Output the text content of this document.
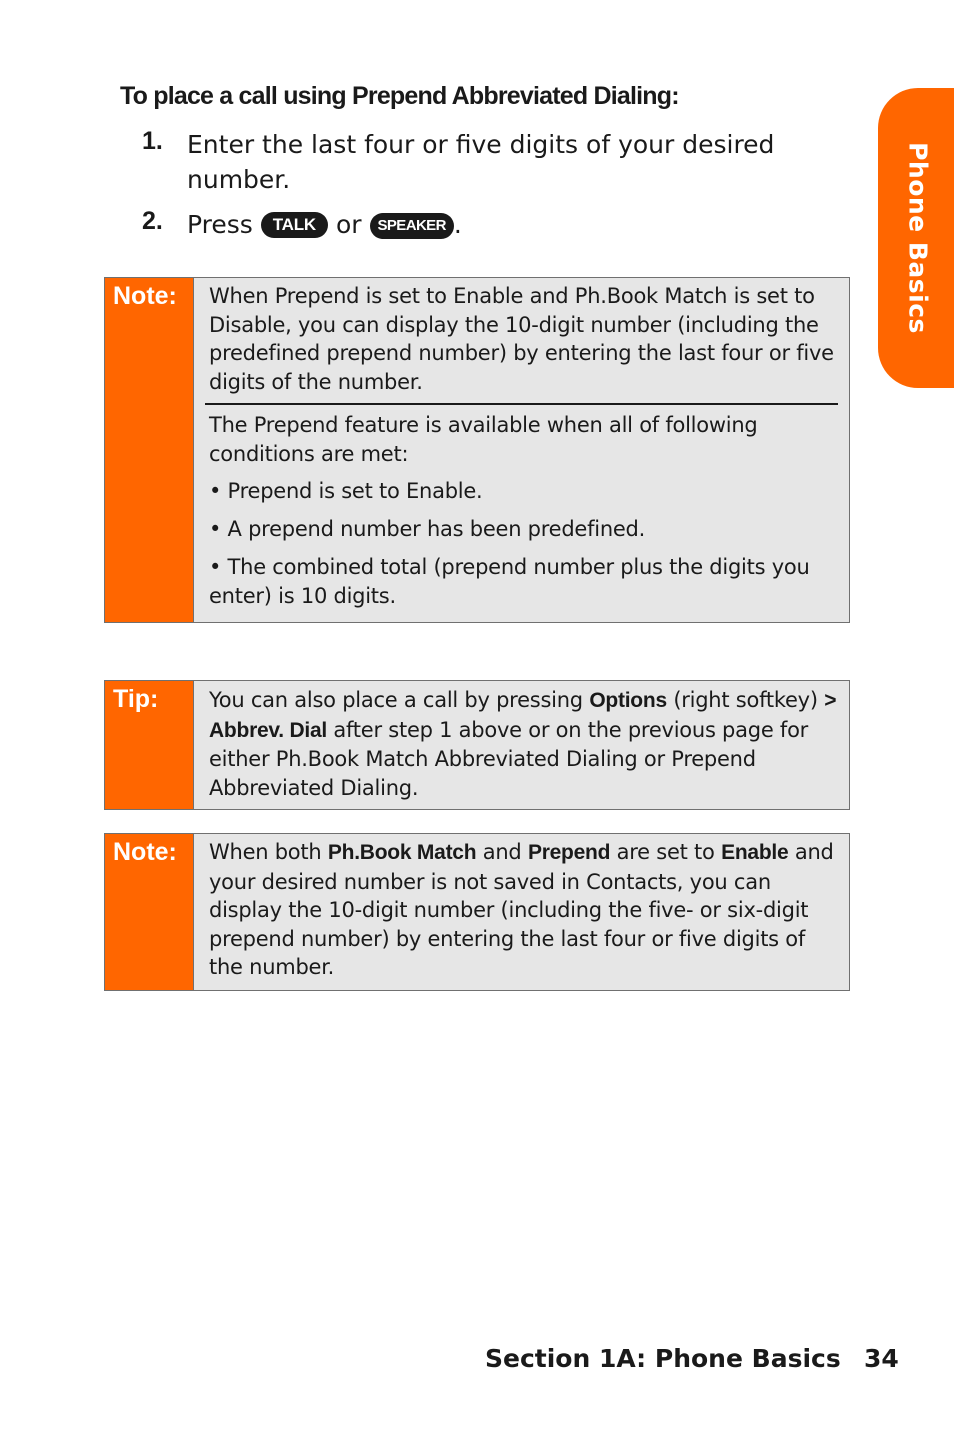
To place a call using Prepend Abbreviated Dialing:
1. Enter the last four or five digits of your desired number.
2. Press TALK or SPEAKER .	Phone Basics
Note: When Prepend is set to Enable and Ph.Book Match is set to Disable, you can display the 10-digit number (including the predefined prepend number) by entering the last four or five digits of the number.
The Prepend feature is available when all of following conditions are met:
• Prepend is set to Enable.
• A prepend number has been predefined.
• The combined total (prepend number plus the digits you enter) is 10 digits.
Tip: You can also place a call by pressing Options (right softkey) > Abbrev. Dial after step 1 above or on the previous page for either Ph.Book Match Abbreviated Dialing or Prepend Abbreviated Dialing.
Note: When both Ph.Book Match and Prepend are set to Enable and your desired number is not saved in Contacts, you can display the 10-digit number (including the five- or six-digit prepend number) by entering the last four or five digits of the number.
Section 1A: Phone Basics 34
